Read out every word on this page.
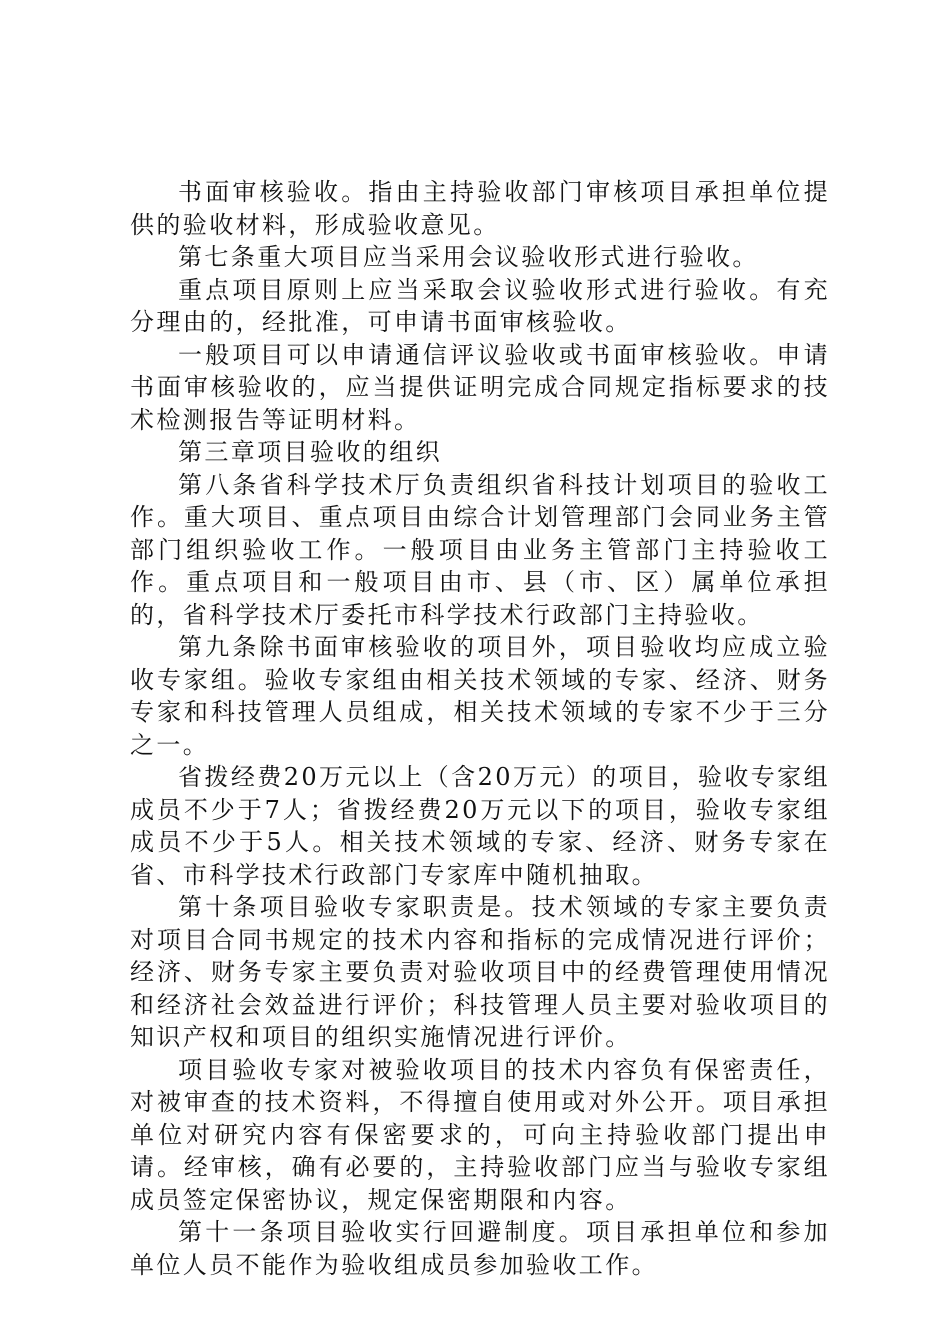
书面审核验收。指由主持验收部门审核项目承担单位提供的验收材料，形成验收意见。

第七条重大项目应当采用会议验收形式进行验收。

重点项目原则上应当采取会议验收形式进行验收。有充分理由的，经批准，可申请书面审核验收。

一般项目可以申请通信评议验收或书面审核验收。申请书面审核验收的，应当提供证明完成合同规定指标要求的技术检测报告等证明材料。

第三章项目验收的组织

第八条省科学技术厅负责组织省科技计划项目的验收工作。重大项目、重点项目由综合计划管理部门会同业务主管部门组织验收工作。一般项目由业务主管部门主持验收工作。重点项目和一般项目由市、县（市、区）属单位承担的，省科学技术厅委托市科学技术行政部门主持验收。

第九条除书面审核验收的项目外，项目验收均应成立验收专家组。验收专家组由相关技术领域的专家、经济、财务专家和科技管理人员组成，相关技术领域的专家不少于三分之一。

省拨经费20万元以上（含20万元）的项目，验收专家组成员不少于7人；省拨经费20万元以下的项目，验收专家组成员不少于5人。相关技术领域的专家、经济、财务专家在省、市科学技术行政部门专家库中随机抽取。

第十条项目验收专家职责是。技术领域的专家主要负责对项目合同书规定的技术内容和指标的完成情况进行评价；经济、财务专家主要负责对验收项目中的经费管理使用情况和经济社会效益进行评价；科技管理人员主要对验收项目的知识产权和项目的组织实施情况进行评价。

项目验收专家对被验收项目的技术内容负有保密责任，对被审查的技术资料，不得擅自使用或对外公开。项目承担单位对研究内容有保密要求的，可向主持验收部门提出申请。经审核，确有必要的，主持验收部门应当与验收专家组成员签定保密协议，规定保密期限和内容。

第十一条项目验收实行回避制度。项目承担单位和参加单位人员不能作为验收组成员参加验收工作。
